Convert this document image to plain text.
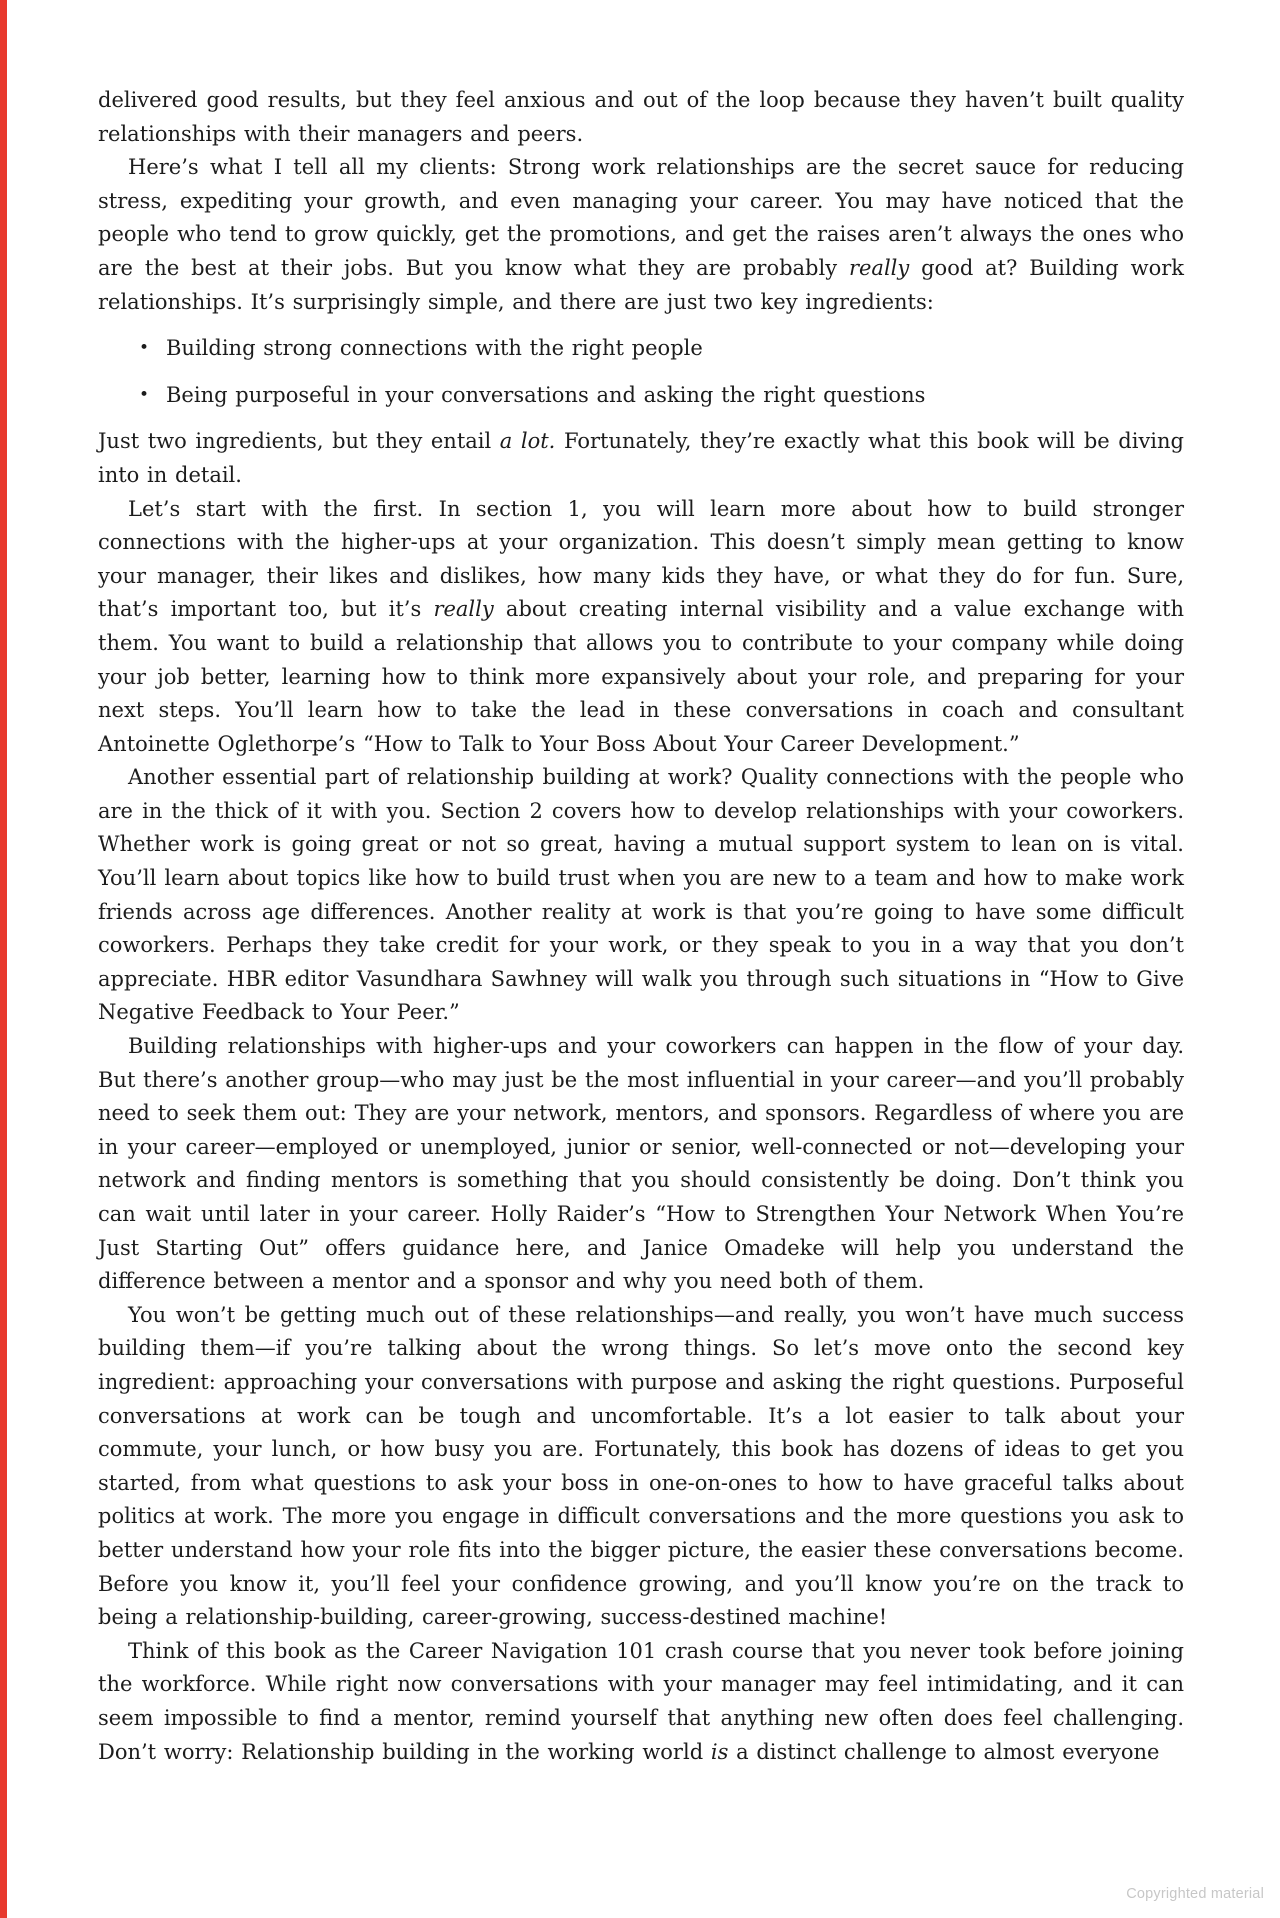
delivered good results, but they feel anxious and out of the loop because they haven’t built quality relationships with their managers and peers.

Here’s what I tell all my clients: Strong work relationships are the secret sauce for reducing stress, expediting your growth, and even managing your career. You may have noticed that the people who tend to grow quickly, get the promotions, and get the raises aren’t always the ones who are the best at their jobs. But you know what they are probably really good at? Building work relationships. It’s surprisingly simple, and there are just two key ingredients:

• Building strong connections with the right people
• Being purposeful in your conversations and asking the right questions

Just two ingredients, but they entail a lot. Fortunately, they’re exactly what this book will be diving into in detail.

Let’s start with the first. In section 1, you will learn more about how to build stronger connections with the higher-ups at your organization. This doesn’t simply mean getting to know your manager, their likes and dislikes, how many kids they have, or what they do for fun. Sure, that’s important too, but it’s really about creating internal visibility and a value exchange with them. You want to build a relationship that allows you to contribute to your company while doing your job better, learning how to think more expansively about your role, and preparing for your next steps. You’ll learn how to take the lead in these conversations in coach and consultant Antoinette Oglethorpe’s “How to Talk to Your Boss About Your Career Development.”

Another essential part of relationship building at work? Quality connections with the people who are in the thick of it with you. Section 2 covers how to develop relationships with your coworkers. Whether work is going great or not so great, having a mutual support system to lean on is vital. You’ll learn about topics like how to build trust when you are new to a team and how to make work friends across age differences. Another reality at work is that you’re going to have some difficult coworkers. Perhaps they take credit for your work, or they speak to you in a way that you don’t appreciate. HBR editor Vasundhara Sawhney will walk you through such situations in “How to Give Negative Feedback to Your Peer.”

Building relationships with higher-ups and your coworkers can happen in the flow of your day. But there’s another group—who may just be the most influential in your career—and you’ll probably need to seek them out: They are your network, mentors, and sponsors. Regardless of where you are in your career—employed or unemployed, junior or senior, well-connected or not—developing your network and finding mentors is something that you should consistently be doing. Don’t think you can wait until later in your career. Holly Raider’s “How to Strengthen Your Network When You’re Just Starting Out” offers guidance here, and Janice Omadeke will help you understand the difference between a mentor and a sponsor and why you need both of them.

You won’t be getting much out of these relationships—and really, you won’t have much success building them—if you’re talking about the wrong things. So let’s move onto the second key ingredient: approaching your conversations with purpose and asking the right questions. Purposeful conversations at work can be tough and uncomfortable. It’s a lot easier to talk about your commute, your lunch, or how busy you are. Fortunately, this book has dozens of ideas to get you started, from what questions to ask your boss in one-on-ones to how to have graceful talks about politics at work. The more you engage in difficult conversations and the more questions you ask to better understand how your role fits into the bigger picture, the easier these conversations become. Before you know it, you’ll feel your confidence growing, and you’ll know you’re on the track to being a relationship-building, career-growing, success-destined machine!

Think of this book as the Career Navigation 101 crash course that you never took before joining the workforce. While right now conversations with your manager may feel intimidating, and it can seem impossible to find a mentor, remind yourself that anything new often does feel challenging. Don’t worry: Relationship building in the working world is a distinct challenge to almost everyone

Copyrighted material
